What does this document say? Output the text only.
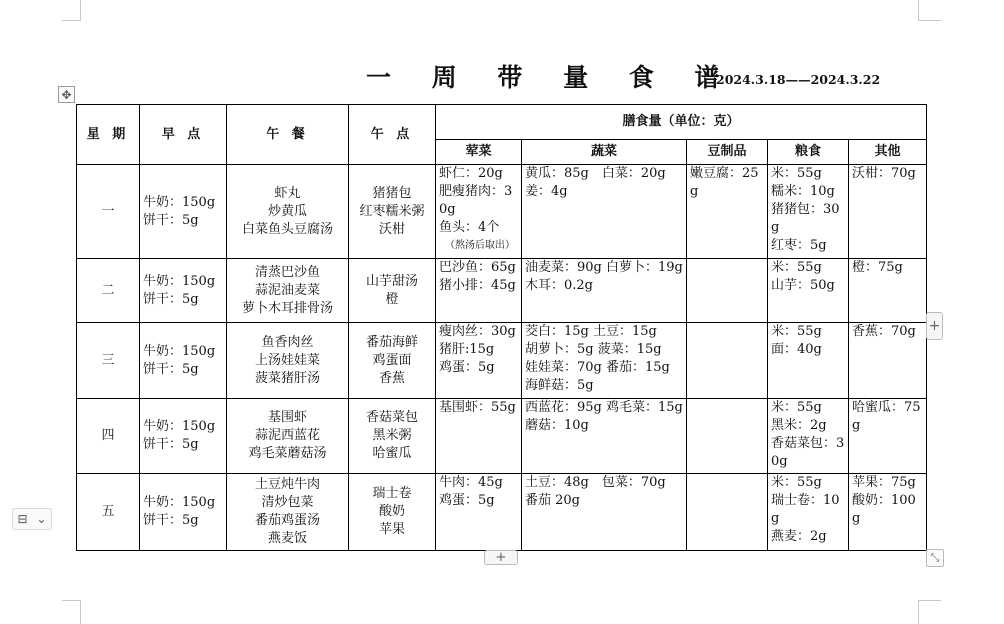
一 周 带 量 食 谱
2024.3.18——2024.3.22
✥
星 期	早 点	午 餐	午 点	膳食量（单位：克）				
				荤菜	蔬菜	豆制品	粮食	其他
一	牛奶：150g
饼干：5g	虾丸
炒黄瓜
白菜鱼头豆腐汤	猪猪包
红枣糯米粥
沃柑	虾仁：20g
肥瘦猪肉：30g
鱼头：4个
（熬汤后取出）	黄瓜：85g　白菜：20g
姜：4g	嫩豆腐：25g	米：55g
糯米：10g
猪猪包：30g
红枣：5g	沃柑：70g

二	牛奶：150g
饼干：5g	清蒸巴沙鱼
蒜泥油麦菜
萝卜木耳排骨汤	山芋甜汤
橙	巴沙鱼：65g
猪小排：45g	油麦菜：90g 白萝卜：19g
木耳：0.2g		米：55g
山芋：50g	橙：75g

三	牛奶：150g
饼干：5g	鱼香肉丝
上汤娃娃菜
菠菜猪肝汤	番茄海鲜
鸡蛋面
香蕉	瘦肉丝：30g
猪肝:15g
鸡蛋：5g	茭白：15g 土豆：15g
胡萝卜：5g 菠菜：15g
娃娃菜：70g 番茄：15g
海鲜菇：5g		米：55g
面：40g	香蕉：70g

四	牛奶：150g
饼干：5g	基围虾
蒜泥西蓝花
鸡毛菜蘑菇汤	香菇菜包
黑米粥
哈蜜瓜	基围虾：55g	西蓝花：95g 鸡毛菜：15g
蘑菇：10g		米：55g
黑米：2g
香菇菜包：30g	哈蜜瓜：75g

五	牛奶：150g
饼干：5g	土豆炖牛肉
清炒包菜
番茄鸡蛋汤
燕麦饭	瑞士卷
酸奶
苹果	牛肉：45g
鸡蛋：5g	土豆：48g　包菜：70g
番茄 20g		米：55g
瑞士卷：10g
燕麦：2g	苹果：75g
酸奶：100g
+
+	⤡
⊟ ⌄
